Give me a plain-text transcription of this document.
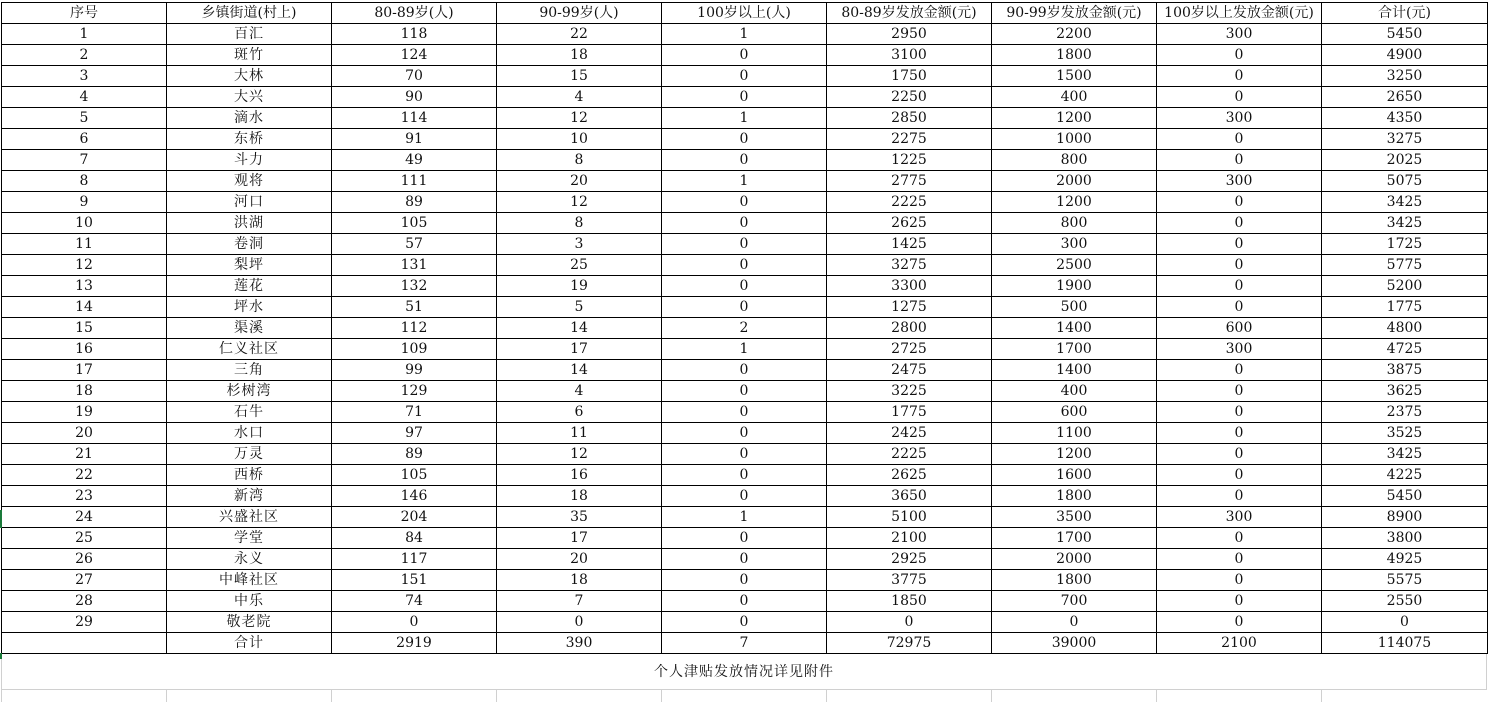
序号	乡镇街道(村上)	80-89岁(人)	90-99岁(人)	100岁以上(人)	80-89岁发放金额(元)	90-99岁发放金额(元)	100岁以上发放金额(元)	合计(元)
1	百汇	118	22	1	2950	2200	300	5450
2	斑竹	124	18	0	3100	1800	0	4900
3	大林	70	15	0	1750	1500	0	3250
4	大兴	90	4	0	2250	400	0	2650
5	滴水	114	12	1	2850	1200	300	4350
6	东桥	91	10	0	2275	1000	0	3275
7	斗力	49	8	0	1225	800	0	2025
8	观将	111	20	1	2775	2000	300	5075
9	河口	89	12	0	2225	1200	0	3425
10	洪湖	105	8	0	2625	800	0	3425
11	卷洞	57	3	0	1425	300	0	1725
12	梨坪	131	25	0	3275	2500	0	5775
13	莲花	132	19	0	3300	1900	0	5200
14	坪水	51	5	0	1275	500	0	1775
15	渠溪	112	14	2	2800	1400	600	4800
16	仁义社区	109	17	1	2725	1700	300	4725
17	三角	99	14	0	2475	1400	0	3875
18	杉树湾	129	4	0	3225	400	0	3625
19	石牛	71	6	0	1775	600	0	2375
20	水口	97	11	0	2425	1100	0	3525
21	万灵	89	12	0	2225	1200	0	3425
22	西桥	105	16	0	2625	1600	0	4225
23	新湾	146	18	0	3650	1800	0	5450
24	兴盛社区	204	35	1	5100	3500	300	8900
25	学堂	84	17	0	2100	1700	0	3800
26	永义	117	20	0	2925	2000	0	4925
27	中峰社区	151	18	0	3775	1800	0	5575
28	中乐	74	7	0	1850	700	0	2550
29	敬老院	0	0	0	0	0	0	0
	合计	2919	390	7	72975	39000	2100	114075
个人津贴发放情况详见附件
